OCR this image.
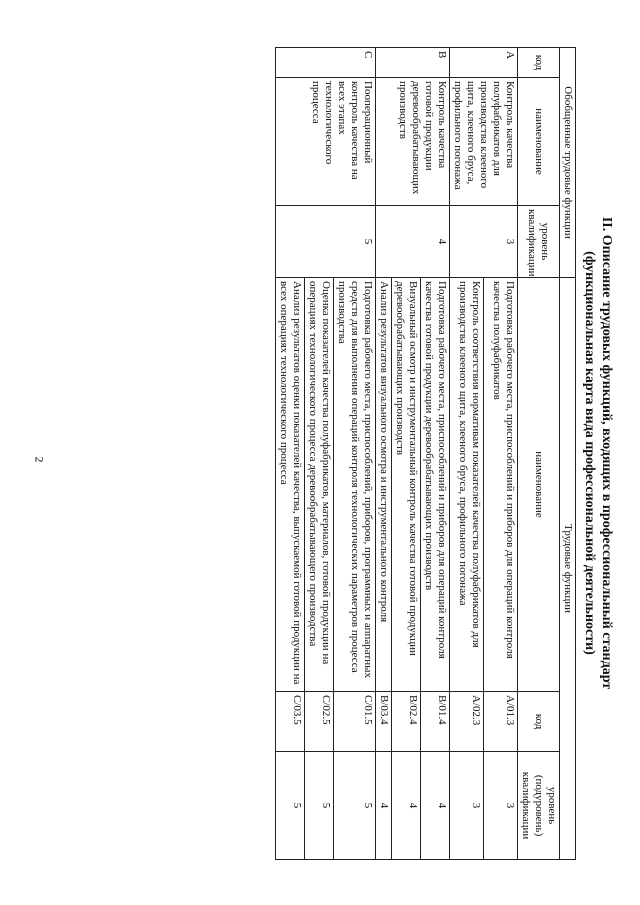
2	II. Описание трудовых функций, входящих в профессиональный стандарт
(функциональная карта вида профессиональной деятельности)
Обобщенные трудовые функции			Трудовые функции		
код	наименование	уровень квалификации	наименование	код	уровень (подуровень) квалификации
A	Контроль качества полуфабрикатов для производства клееного щита, клееного бруса, профильного погонажа	3	Подготовка рабочего места, приспособлений и приборов для операций контроля качества полуфабрикатов	A/01.3	3
			Контроль соответствия нормативам показателей качества полуфабрикатов для производства клееного щита, клееного бруса, профильного погонажа	A/02.3	3
B	Контроль качества готовой продукции деревообрабатывающих производств	4	Подготовка рабочего места, приспособлений и приборов для операций контроля качества готовой продукции деревообрабатывающих производств	B/01.4	4
			Визуальный осмотр и инструментальный контроль качества готовой продукции деревообрабатывающих производств	B/02.4	4
			Анализ результатов визуального осмотра и инструментального контроля	B/03.4	4
C	Пооперационный контроль качества на всех этапах технологического процесса	5	Подготовка рабочего места, приспособлений, приборов, программных и аппаратных средств для выполнения операций контроля технологических параметров процесса производства	C/01.5	5
			Оценка показателей качества полуфабрикатов, материалов, готовой продукции на операциях технологического процесса деревообрабатывающего производства	C/02.5	5
			Анализ результатов оценки показателей качества, выпускаемой готовой продукции на всех операциях технологического процесса	C/03.5	5
